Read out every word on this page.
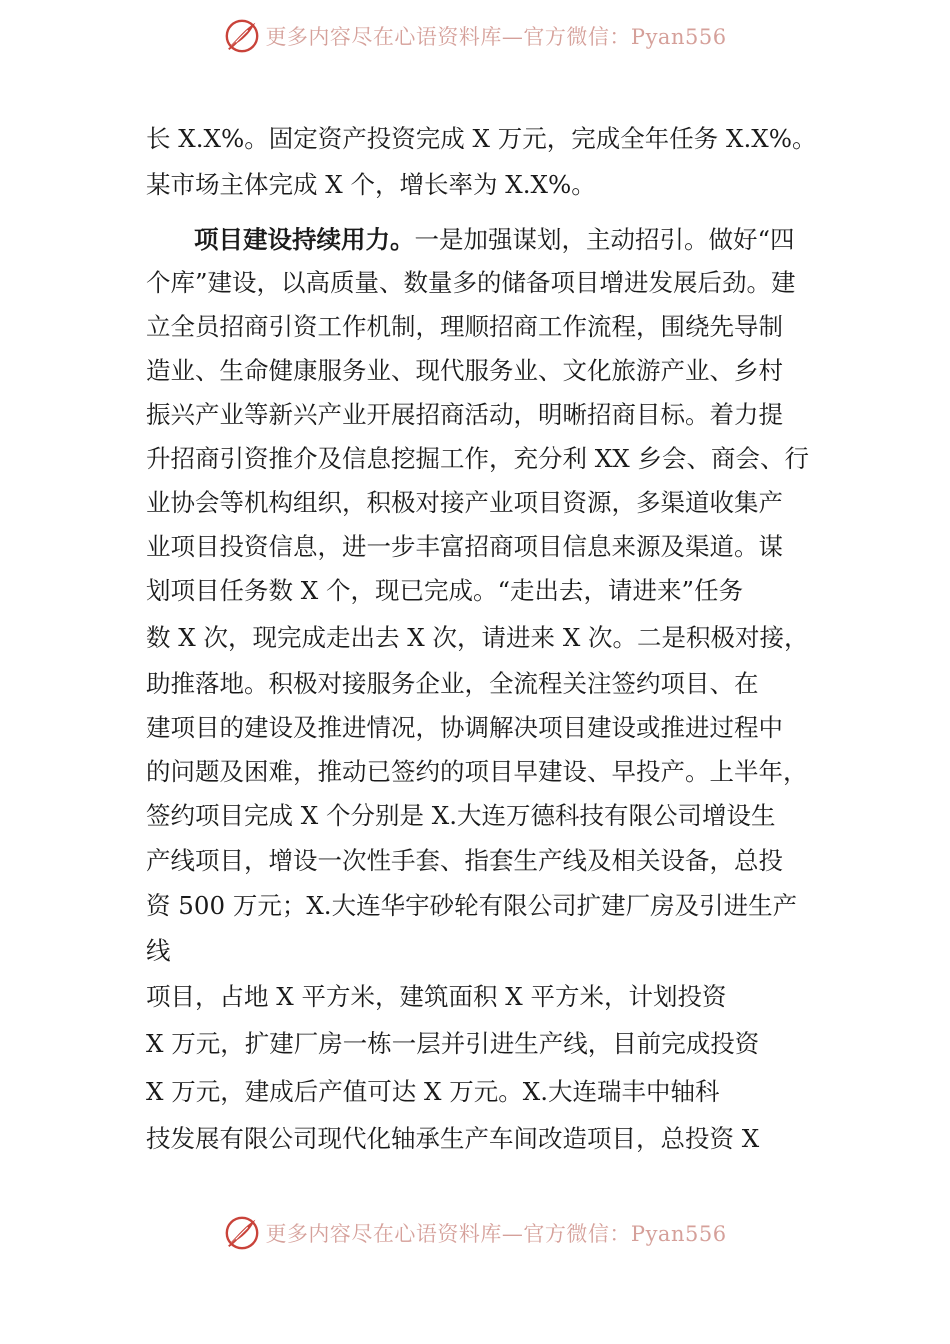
更多内容尽在心语资料库—官方微信：Pyan556
长 X.X%。固定资产投资完成 X 万元，完成全年任务 X.X%。
某市场主体完成 X 个，增长率为 X.X%。
项目建设持续用力。一是加强谋划，主动招引。做好“四
个库”建设，以高质量、数量多的储备项目增进发展后劲。建
立全员招商引资工作机制，理顺招商工作流程，围绕先导制
造业、生命健康服务业、现代服务业、文化旅游产业、乡村
振兴产业等新兴产业开展招商活动，明晰招商目标。着力提
升招商引资推介及信息挖掘工作，充分利 XX 乡会、商会、行
业协会等机构组织，积极对接产业项目资源，多渠道收集产
业项目投资信息，进一步丰富招商项目信息来源及渠道。谋
划项目任务数 X 个，现已完成。“走出去，请进来”任务
数 X 次，现完成走出去 X 次，请进来 X 次。二是积极对接，
助推落地。积极对接服务企业，全流程关注签约项目、在
建项目的建设及推进情况，协调解决项目建设或推进过程中
的问题及困难，推动已签约的项目早建设、早投产。上半年，
签约项目完成 X 个分别是 X.大连万德科技有限公司增设生
产线项目，增设一次性手套、指套生产线及相关设备，总投
资 500 万元；X.大连华宇砂轮有限公司扩建厂房及引进生产
线
项目，占地 X 平方米，建筑面积 X 平方米，计划投资
X 万元，扩建厂房一栋一层并引进生产线，目前完成投资
X 万元，建成后产值可达 X 万元。X.大连瑞丰中轴科
技发展有限公司现代化轴承生产车间改造项目，总投资 X
更多内容尽在心语资料库—官方微信：Pyan556
